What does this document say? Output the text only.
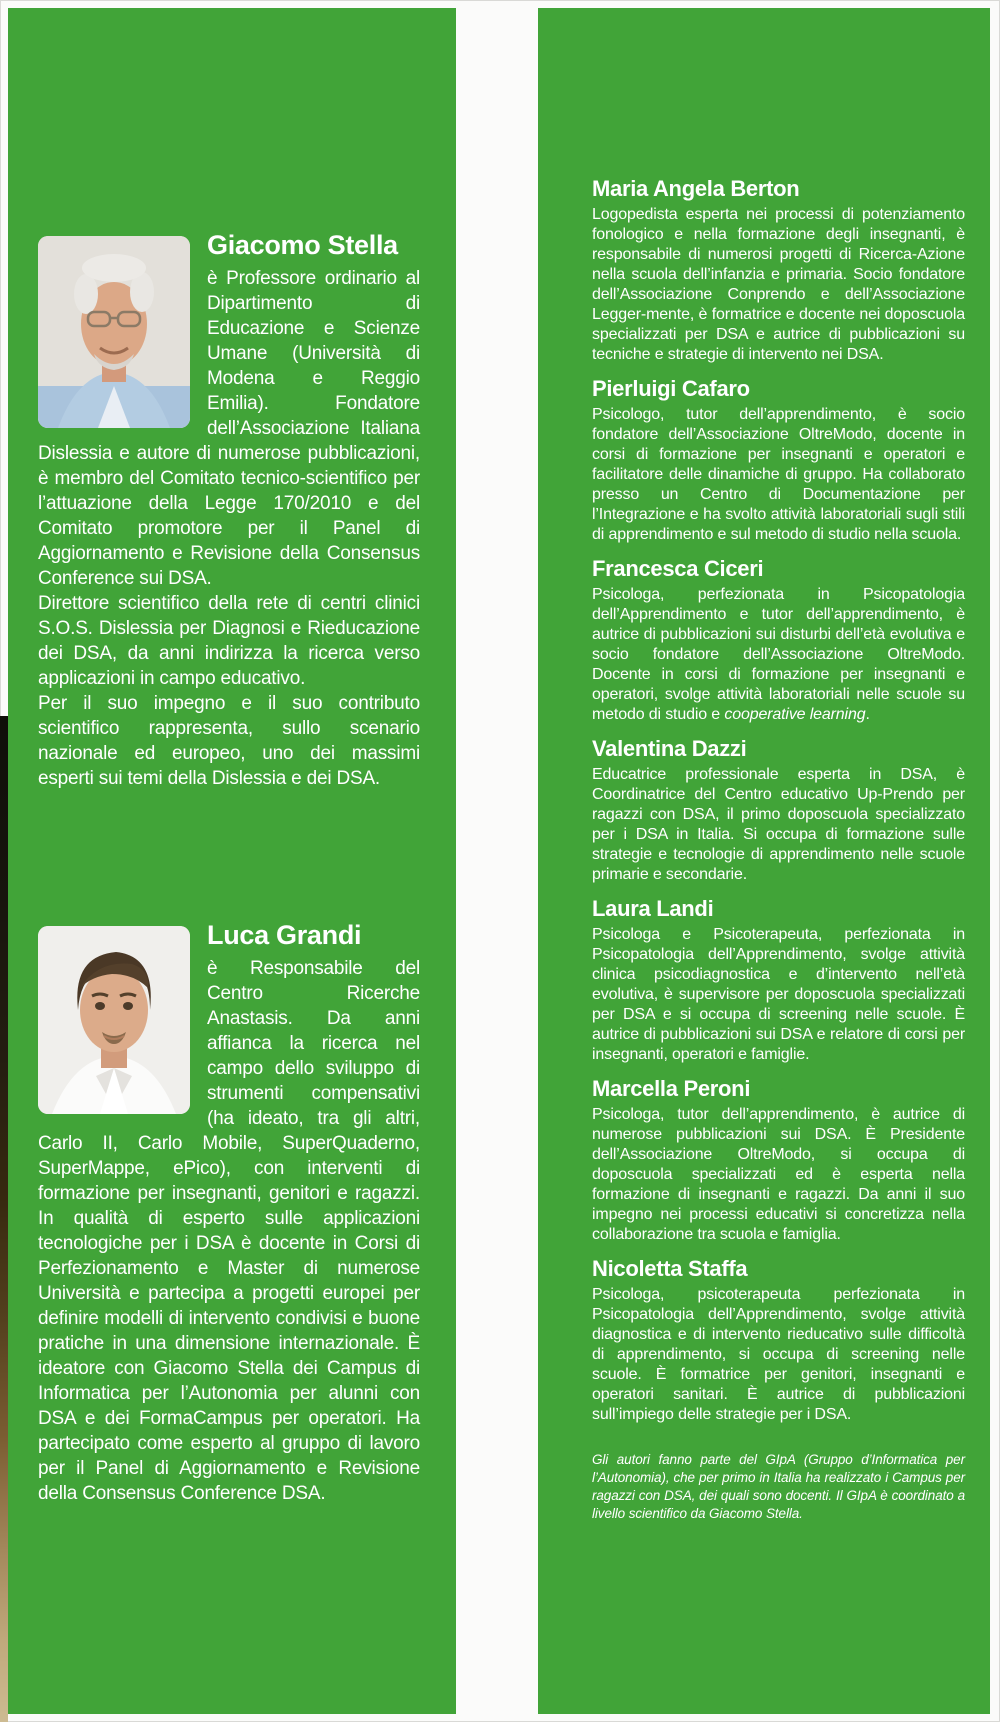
Giacomo Stella

è Professore ordinario al Dipartimento di Educazione e Scienze Umane (Università di Modena e Reggio Emilia). Fondatore dell’Associazione Italiana Dislessia e autore di numerose pubblicazioni, è membro del Comitato tecnico-scientifico per l’attuazione della Legge 170/2010 e del Comitato promotore per il Panel di Aggiornamento e Revisione della Consensus Conference sui DSA.

Direttore scientifico della rete di centri clinici S.O.S. Dislessia per Diagnosi e Rieducazione dei DSA, da anni indirizza la ricerca verso applicazioni in campo educativo.

Per il suo impegno e il suo contributo scientifico rappresenta, sullo scenario nazionale ed europeo, uno dei massimi esperti sui temi della Dislessia e dei DSA.

Luca Grandi

è Responsabile del Centro Ricerche Anastasis. Da anni affianca la ricerca nel campo dello sviluppo di strumenti compensativi (ha ideato, tra gli altri, Carlo II, Carlo Mobile, SuperQuaderno, SuperMappe, ePico), con interventi di formazione per insegnanti, genitori e ragazzi. In qualità di esperto sulle applicazioni tecnologiche per i DSA è docente in Corsi di Perfezionamento e Master di numerose Università e partecipa a progetti europei per definire modelli di intervento condivisi e buone pratiche in una dimensione internazionale. È ideatore con Giacomo Stella dei Campus di Informatica per l’Autonomia per alunni con DSA e dei FormaCampus per operatori. Ha partecipato come esperto al gruppo di lavoro per il Panel di Aggiornamento e Revisione della Consensus Conference DSA.

Maria Angela Berton

Logopedista esperta nei processi di potenziamento fonologico e nella formazione degli insegnanti, è responsabile di numerosi progetti di Ricerca-Azione nella scuola dell’infanzia e primaria. Socio fondatore dell’Associazione Conprendo e dell’Associazione Legger-mente, è formatrice e docente nei doposcuola specializzati per DSA e autrice di pubblicazioni su tecniche e strategie di intervento nei DSA.

Pierluigi Cafaro

Psicologo, tutor dell’apprendimento, è socio fondatore dell’Associazione OltreModo, docente in corsi di formazione per insegnanti e operatori e facilitatore delle dinamiche di gruppo. Ha collaborato presso un Centro di Documentazione per l’Integrazione e ha svolto attività laboratoriali sugli stili di apprendimento e sul metodo di studio nella scuola.

Francesca Ciceri

Psicologa, perfezionata in Psicopatologia dell’Apprendimento e tutor dell’apprendimento, è autrice di pubblicazioni sui disturbi dell’età evolutiva e socio fondatore dell’Associazione OltreModo. Docente in corsi di formazione per insegnanti e operatori, svolge attività laboratoriali nelle scuole su metodo di studio e cooperative learning.

Valentina Dazzi

Educatrice professionale esperta in DSA, è Coordinatrice del Centro educativo Up-Prendo per ragazzi con DSA, il primo doposcuola specializzato per i DSA in Italia. Si occupa di formazione sulle strategie e tecnologie di apprendimento nelle scuole primarie e secondarie.

Laura Landi

Psicologa e Psicoterapeuta, perfezionata in Psicopatologia dell’Apprendimento, svolge attività clinica psicodiagnostica e d’intervento nell’età evolutiva, è supervisore per doposcuola specializzati per DSA e si occupa di screening nelle scuole. È autrice di pubblicazioni sui DSA e relatore di corsi per insegnanti, operatori e famiglie.

Marcella Peroni

Psicologa, tutor dell’apprendimento, è autrice di numerose pubblicazioni sui DSA. È Presidente dell’Associazione OltreModo, si occupa di doposcuola specializzati ed è esperta nella formazione di insegnanti e ragazzi. Da anni il suo impegno nei processi educativi si concretizza nella collaborazione tra scuola e famiglia.

Nicoletta Staffa

Psicologa, psicoterapeuta perfezionata in Psicopatologia dell’Apprendimento, svolge attività diagnostica e di intervento rieducativo sulle difficoltà di apprendimento, si occupa di screening nelle scuole. È formatrice per genitori, insegnanti e operatori sanitari. È autrice di pubblicazioni sull’impiego delle strategie per i DSA.

Gli autori fanno parte del GIpA (Gruppo d’Informatica per l’Autonomia), che per primo in Italia ha realizzato i Campus per ragazzi con DSA, dei quali sono docenti. Il GIpA è coordinato a livello scientifico da Giacomo Stella.
